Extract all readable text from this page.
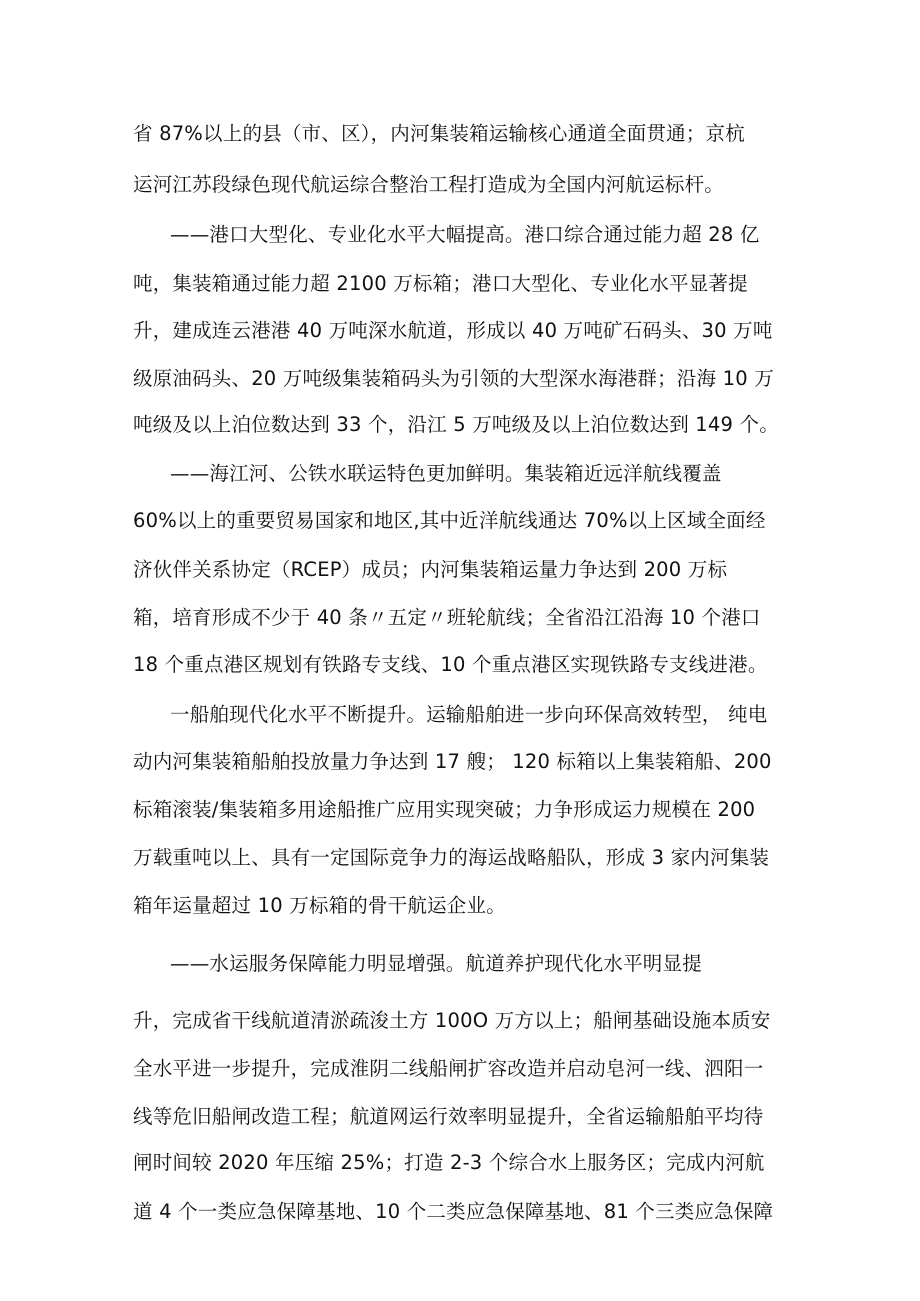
省 87%以上的县（市、区），内河集装箱运输核心通道全面贯通；京杭
运河江苏段绿色现代航运综合整治工程打造成为全国内河航运标杆。
——港口大型化、专业化水平大幅提高。港口综合通过能力超 28 亿
吨，集装箱通过能力超 2100 万标箱；港口大型化、专业化水平显著提
升，建成连云港港 40 万吨深水航道，形成以 40 万吨矿石码头、30 万吨
级原油码头、20 万吨级集装箱码头为引领的大型深水海港群；沿海 10 万
吨级及以上泊位数达到 33 个，沿江 5 万吨级及以上泊位数达到 149 个。
——海江河、公铁水联运特色更加鲜明。集装箱近远洋航线覆盖
60%以上的重要贸易国家和地区,其中近洋航线通达 70%以上区域全面经
济伙伴关系协定（RCEP）成员；内河集装箱运量力争达到 200 万标
箱，培育形成不少于 40 条〃五定〃班轮航线；全省沿江沿海 10 个港口
18 个重点港区规划有铁路专支线、10 个重点港区实现铁路专支线进港。
一船舶现代化水平不断提升。运输船舶进一步向环保高效转型， 纯电
动内河集装箱船舶投放量力争达到 17 艘； 120 标箱以上集装箱船、200
标箱滚装/集装箱多用途船推广应用实现突破；力争形成运力规模在 200
万载重吨以上、具有一定国际竞争力的海运战略船队，形成 3 家内河集装
箱年运量超过 10 万标箱的骨干航运企业。
——水运服务保障能力明显增强。航道养护现代化水平明显提
升，完成省干线航道清淤疏浚土方 100O 万方以上；船闸基础设施本质安
全水平进一步提升，完成淮阴二线船闸扩容改造并启动皂河一线、泗阳一
线等危旧船闸改造工程；航道网运行效率明显提升，全省运输船舶平均待
闸时间较 2020 年压缩 25%；打造 2-3 个综合水上服务区；完成内河航
道 4 个一类应急保障基地、10 个二类应急保障基地、81 个三类应急保障
